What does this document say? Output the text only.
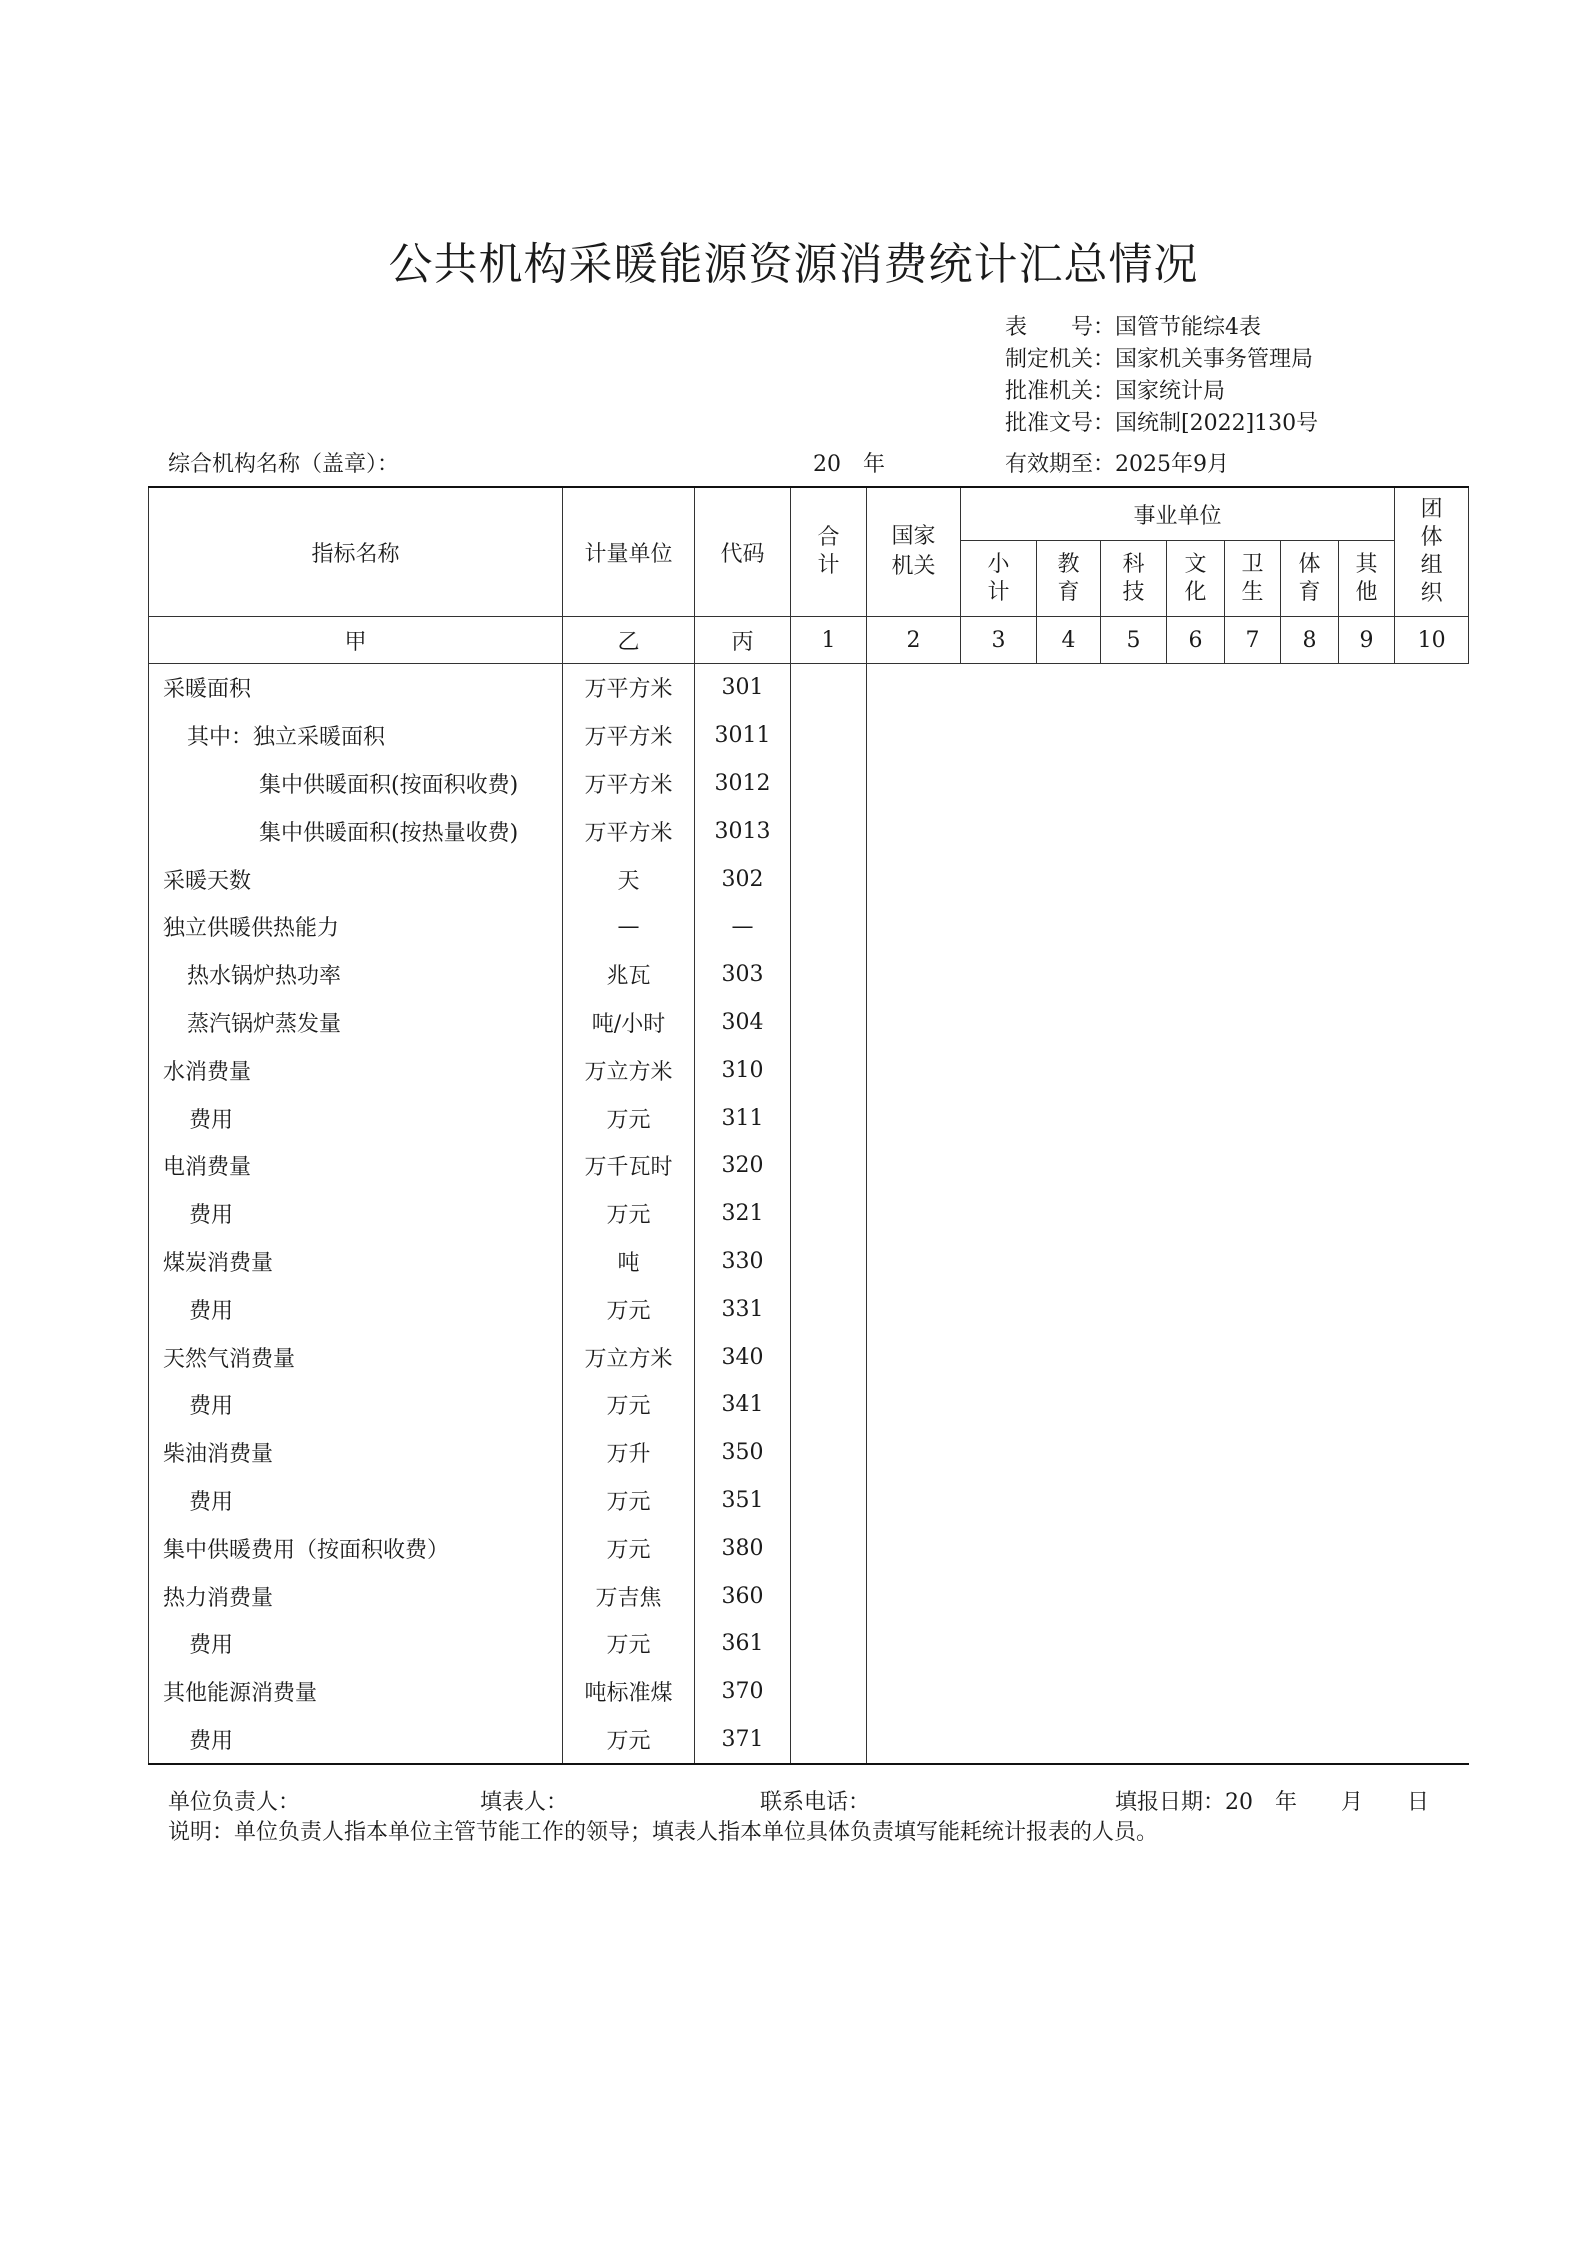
公共机构采暖能源资源消费统计汇总情况
表　　号：国管节能综4表
制定机关：国家机关事务管理局
批准机关：国家统计局
批准文号：国统制[2022]130号
综合机构名称（盖章）：	20　年	有效期至：2025年9月
指标名称	计量单位	代码	合计	国家机关	事业单位							团体组织
					小计	教育	科技	文化	卫生	体育	其他	
甲	乙	丙	1	2	3	4	5	6	7	8	9	10
采暖面积	万平方米	301										
其中：独立采暖面积	万平方米	3011										
集中供暖面积(按面积收费)	万平方米	3012										
集中供暖面积(按热量收费)	万平方米	3013										
采暖天数	天	302										
独立供暖供热能力	—	—										
热水锅炉热功率	兆瓦	303										
蒸汽锅炉蒸发量	吨/小时	304										
水消费量	万立方米	310										
费用	万元	311										
电消费量	万千瓦时	320										
费用	万元	321										
煤炭消费量	吨	330										
费用	万元	331										
天然气消费量	万立方米	340										
费用	万元	341										
柴油消费量	万升	350										
费用	万元	351										
集中供暖费用（按面积收费）	万元	380										
热力消费量	万吉焦	360										
费用	万元	361										
其他能源消费量	吨标准煤	370										
费用	万元	371										
单位负责人：	填表人：	联系电话：	填报日期：20　年　　月　　日
说明：单位负责人指本单位主管节能工作的领导；填表人指本单位具体负责填写能耗统计报表的人员。
